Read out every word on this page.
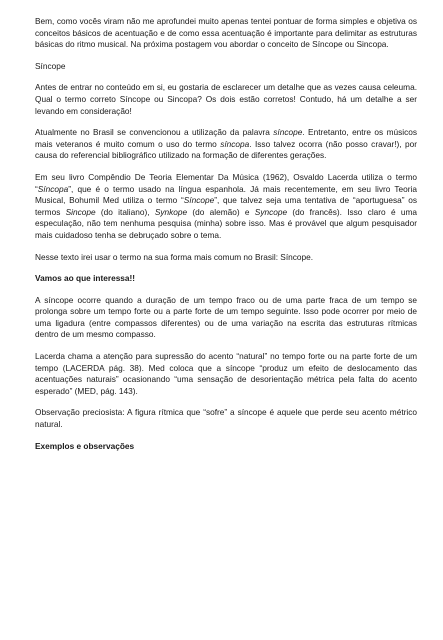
Bem, como vocês viram não me aprofundei muito apenas tentei pontuar de forma simples e objetiva os conceitos básicos de acentuação e de como essa acentuação é importante para delimitar as estruturas básicas do ritmo musical. Na próxima postagem vou abordar o conceito de Síncope ou Sincopa.

Síncope

Antes de entrar no conteúdo em si, eu gostaria de esclarecer um detalhe que as vezes causa celeuma. Qual o termo correto Síncope ou Sincopa? Os dois estão corretos! Contudo, há um detalhe a ser levando em consideração!

Atualmente no Brasil se convencionou a utilização da palavra síncope. Entretanto, entre os músicos mais veteranos é muito comum o uso do termo síncopa. Isso talvez ocorra (não posso cravar!), por causa do referencial bibliográfico utilizado na formação de diferentes gerações.

Em seu livro Compêndio De Teoria Elementar Da Música (1962), Osvaldo Lacerda utiliza o termo “Síncopa”, que é o termo usado na língua espanhola. Já mais recentemente, em seu livro Teoria Musical, Bohumil Med utiliza o termo “Síncope”, que talvez seja uma tentativa de “aportuguesa” os termos Sincope (do italiano), Synkope (do alemão) e Syncope (do francês). Isso claro é uma especulação, não tem nenhuma pesquisa (minha) sobre isso. Mas é provável que algum pesquisador mais cuidadoso tenha se debruçado sobre o tema.

Nesse texto irei usar o termo na sua forma mais comum no Brasil: Síncope.

Vamos ao que interessa!!

A síncope ocorre quando a duração de um tempo fraco ou de uma parte fraca de um tempo se prolonga sobre um tempo forte ou a parte forte de um tempo seguinte. Isso pode ocorrer por meio de uma ligadura (entre compassos diferentes) ou de uma variação na escrita das estruturas rítmicas dentro de um mesmo compasso.

Lacerda chama a atenção para supressão do acento “natural” no tempo forte ou na parte forte de um tempo (LACERDA pág. 38). Med coloca que a síncope “produz um efeito de deslocamento das acentuações naturais” ocasionando “uma sensação de desorientação métrica pela falta do acento esperado” (MED, pág. 143).

Observação preciosista: A figura rítmica que “sofre” a síncope é aquele que perde seu acento métrico natural.

Exemplos e observações
